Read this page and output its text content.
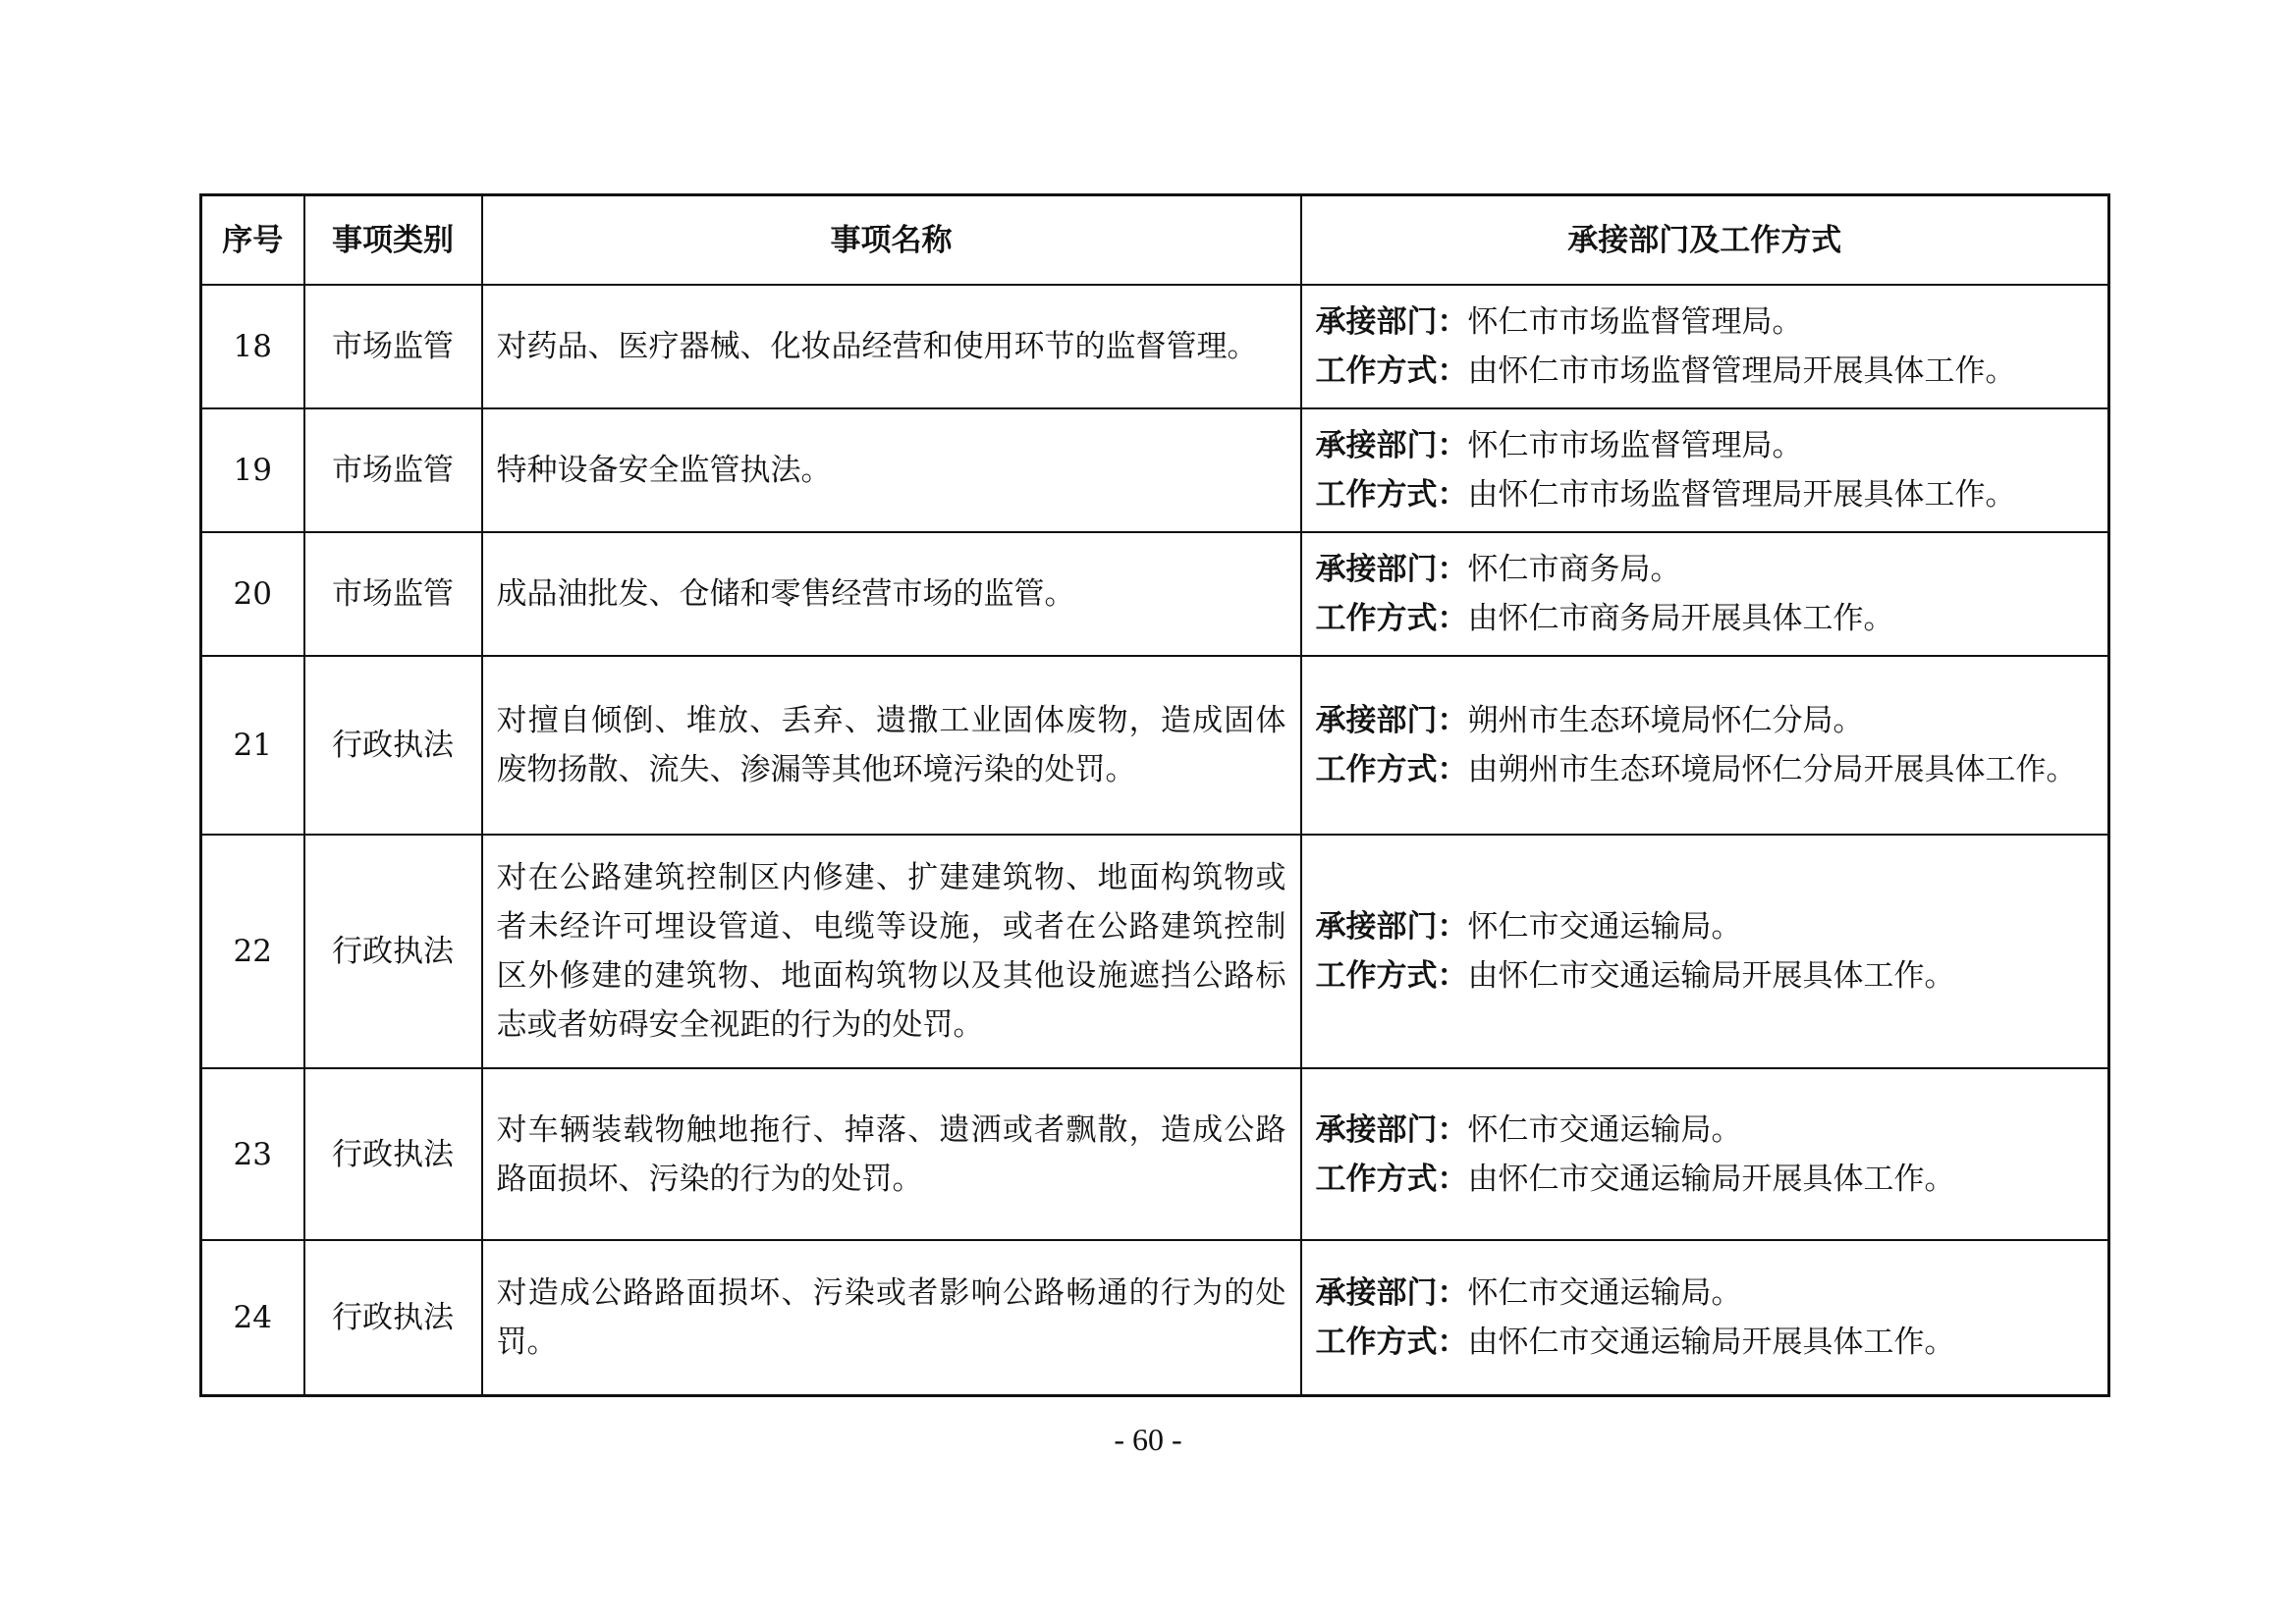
序号	事项类别	事项名称	承接部门及工作方式
18	市场监管	对药品、医疗器械、化妆品经营和使用环节的监督管理。	承接部门：怀仁市市场监督管理局。
工作方式：由怀仁市市场监督管理局开展具体工作。

19	市场监管	特种设备安全监管执法。	承接部门：怀仁市市场监督管理局。
工作方式：由怀仁市市场监督管理局开展具体工作。

20	市场监管	成品油批发、仓储和零售经营市场的监管。	承接部门：怀仁市商务局。
工作方式：由怀仁市商务局开展具体工作。

21	行政执法	对擅自倾倒、堆放、丢弃、遗撒工业固体废物，造成固体废物扬散、流失、渗漏等其他环境污染的处罚。	承接部门：朔州市生态环境局怀仁分局。
工作方式：由朔州市生态环境局怀仁分局开展具体工作。

22	行政执法	对在公路建筑控制区内修建、扩建建筑物、地面构筑物或者未经许可埋设管道、电缆等设施，或者在公路建筑控制区外修建的建筑物、地面构筑物以及其他设施遮挡公路标志或者妨碍安全视距的行为的处罚。	承接部门：怀仁市交通运输局。
工作方式：由怀仁市交通运输局开展具体工作。

23	行政执法	对车辆装载物触地拖行、掉落、遗洒或者飘散，造成公路路面损坏、污染的行为的处罚。	承接部门：怀仁市交通运输局。
工作方式：由怀仁市交通运输局开展具体工作。

24	行政执法	对造成公路路面损坏、污染或者影响公路畅通的行为的处罚。	承接部门：怀仁市交通运输局。
工作方式：由怀仁市交通运输局开展具体工作。
- 60 -
